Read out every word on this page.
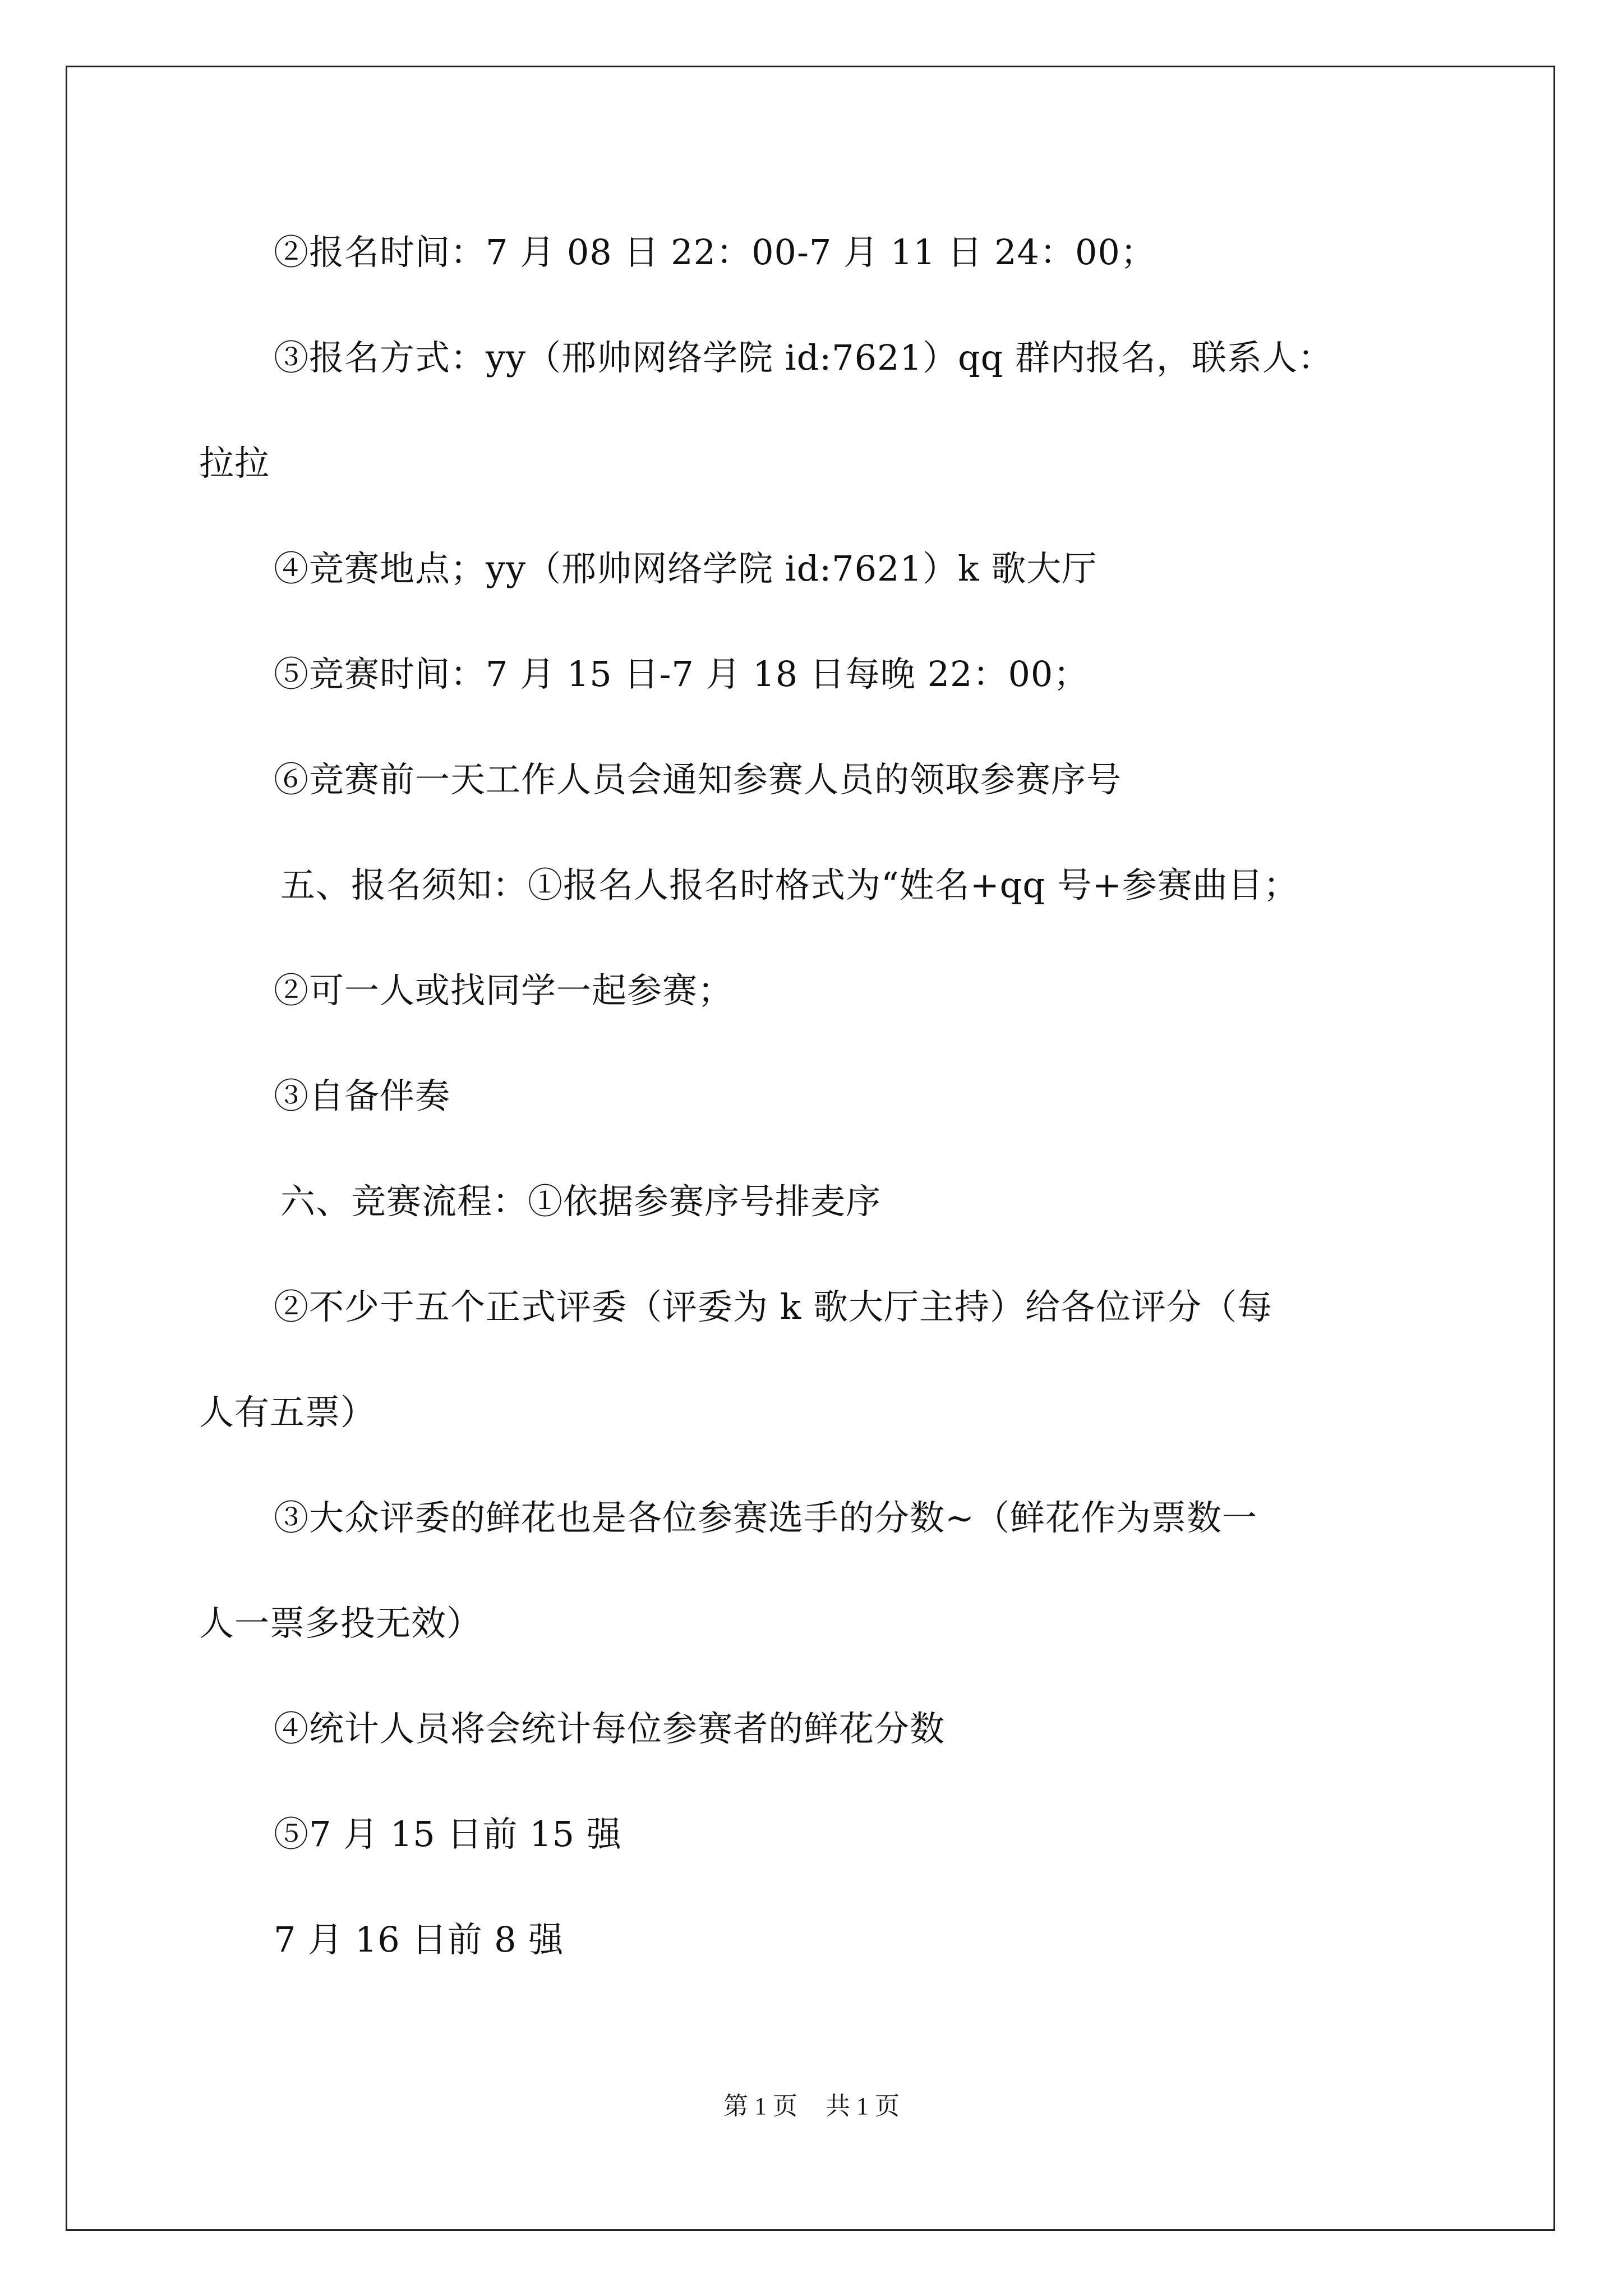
②报名时间：7 月 08 日 22：00-7 月 11 日 24：00；
③报名方式：yy（邢帅网络学院 id:7621）qq 群内报名，联系人：
拉拉
④竞赛地点；yy（邢帅网络学院 id:7621）k 歌大厅
⑤竞赛时间：7 月 15 日-7 月 18 日每晚 22：00；
⑥竞赛前一天工作人员会通知参赛人员的领取参赛序号
五、报名须知：①报名人报名时格式为“姓名+qq 号+参赛曲目；
②可一人或找同学一起参赛；
③自备伴奏
六、竞赛流程：①依据参赛序号排麦序
②不少于五个正式评委（评委为 k 歌大厅主持）给各位评分（每
人有五票）
③大众评委的鲜花也是各位参赛选手的分数~（鲜花作为票数一
人一票多投无效）
④统计人员将会统计每位参赛者的鲜花分数
⑤7 月 15 日前 15 强
7 月 16 日前 8 强
第 1 页 共 1 页
